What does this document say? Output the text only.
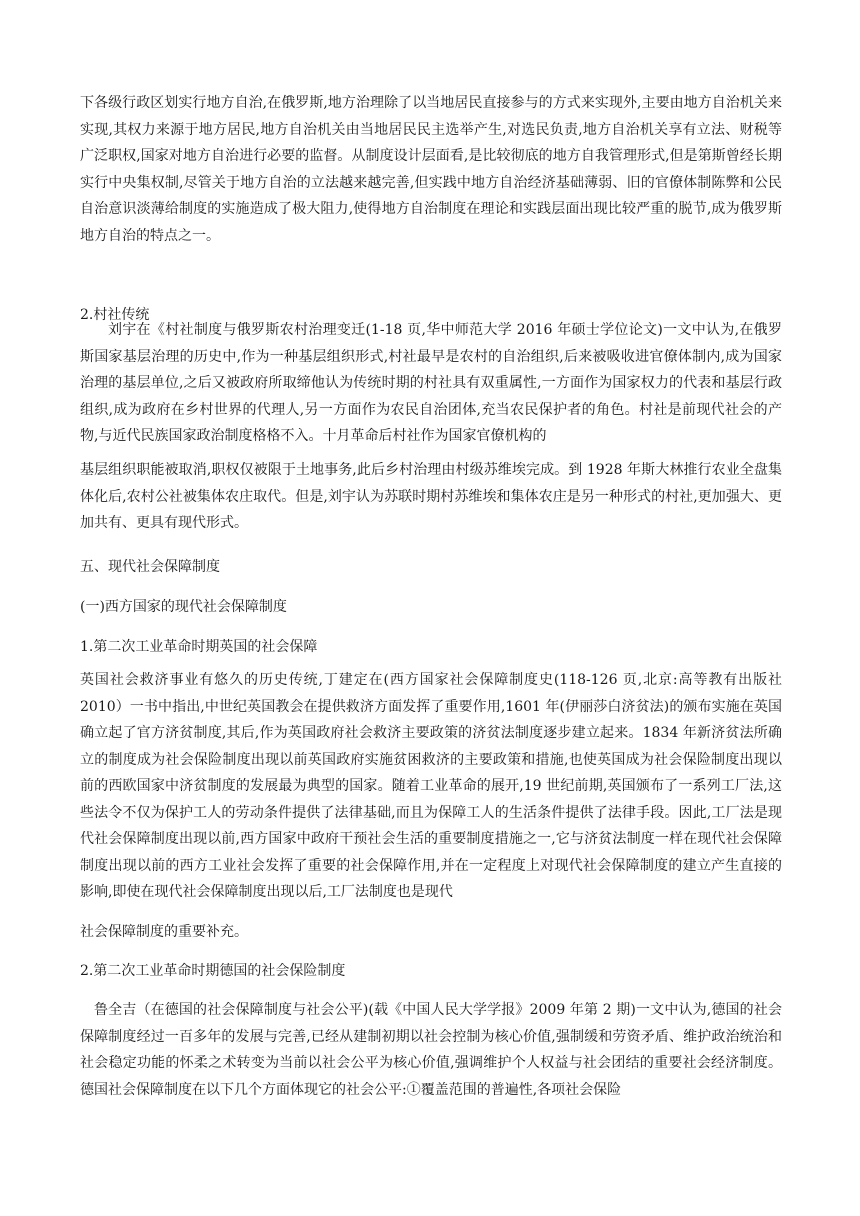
下各级行政区划实行地方自治,在俄罗斯,地方治理除了以当地居民直接参与的方式来实现外,主要由地方自治机关来实现,其权力来源于地方居民,地方自治机关由当地居民民主选举产生,对选民负责,地方自治机关享有立法、财税等广泛职权,国家对地方自治进行必要的监督。从制度设计层面看,是比较彻底的地方自我管理形式,但是第斯曾经长期实行中央集权制,尽管关于地方自治的立法越来越完善,但实践中地方自治经济基础薄弱、旧的官僚体制陈弊和公民自治意识淡薄给制度的实施造成了极大阻力,使得地方自治制度在理论和实践层面出现比较严重的脱节,成为俄罗斯地方自治的特点之一。

2.村社传统

刘宇在《村社制度与俄罗斯农村治理变迁(1-18 页,华中师范大学 2016 年硕士学位论文)一文中认为,在俄罗斯国家基层治理的历史中,作为一种基层组织形式,村社最早是农村的自治组织,后来被吸收进官僚体制内,成为国家治理的基层单位,之后又被政府所取缔他认为传统时期的村社具有双重属性,一方面作为国家权力的代表和基层行政组织,成为政府在乡村世界的代理人,另一方面作为农民自治团体,充当农民保护者的角色。村社是前现代社会的产物,与近代民族国家政治制度格格不入。十月革命后村社作为国家官僚机构的

基层组织职能被取消,职权仅被限于土地事务,此后乡村治理由村级苏维埃完成。到 1928 年斯大林推行农业全盘集体化后,农村公社被集体农庄取代。但是,刘宇认为苏联时期村苏维埃和集体农庄是另一种形式的村社,更加强大、更加共有、更具有现代形式。

五、现代社会保障制度
(一)西方国家的现代社会保障制度
1.第二次工业革命时期英国的社会保障

英国社会救济事业有悠久的历史传统,丁建定在(西方国家社会保障制度史(118-126 页,北京:高等教有出版社 2010）一书中指出,中世纪英国教会在提供救济方面发挥了重要作用,1601 年(伊丽莎白济贫法)的颁布实施在英国确立起了官方济贫制度,其后,作为英国政府社会救济主要政策的济贫法制度逐步建立起来。1834 年新济贫法所确立的制度成为社会保险制度出现以前英国政府实施贫困救济的主要政策和措施,也使英国成为社会保险制度出现以前的西欧国家中济贫制度的发展最为典型的国家。随着工业革命的展开,19 世纪前期,英国颁布了一系列工厂法,这些法令不仅为保护工人的劳动条件提供了法律基础,而且为保障工人的生活条件提供了法律手段。因此,工厂法是现代社会保障制度出现以前,西方国家中政府干预社会生活的重要制度措施之一,它与济贫法制度一样在现代社会保障制度出现以前的西方工业社会发挥了重要的社会保障作用,并在一定程度上对现代社会保障制度的建立产生直接的影响,即使在现代社会保障制度出现以后,工厂法制度也是现代

社会保障制度的重要补充。

2.第二次工业革命时期德国的社会保险制度

鲁全吉（在德国的社会保障制度与社会公平)(载《中国人民大学学报》2009 年第 2 期)一文中认为,德国的社会保障制度经过一百多年的发展与完善,已经从建制初期以社会控制为核心价值,强制缓和劳资矛盾、维护政治统治和社会稳定功能的怀柔之术转变为当前以社会公平为核心价值,强调维护个人权益与社会团结的重要社会经济制度。德国社会保障制度在以下几个方面体现它的社会公平:①覆盖范围的普遍性,各项社会保险
